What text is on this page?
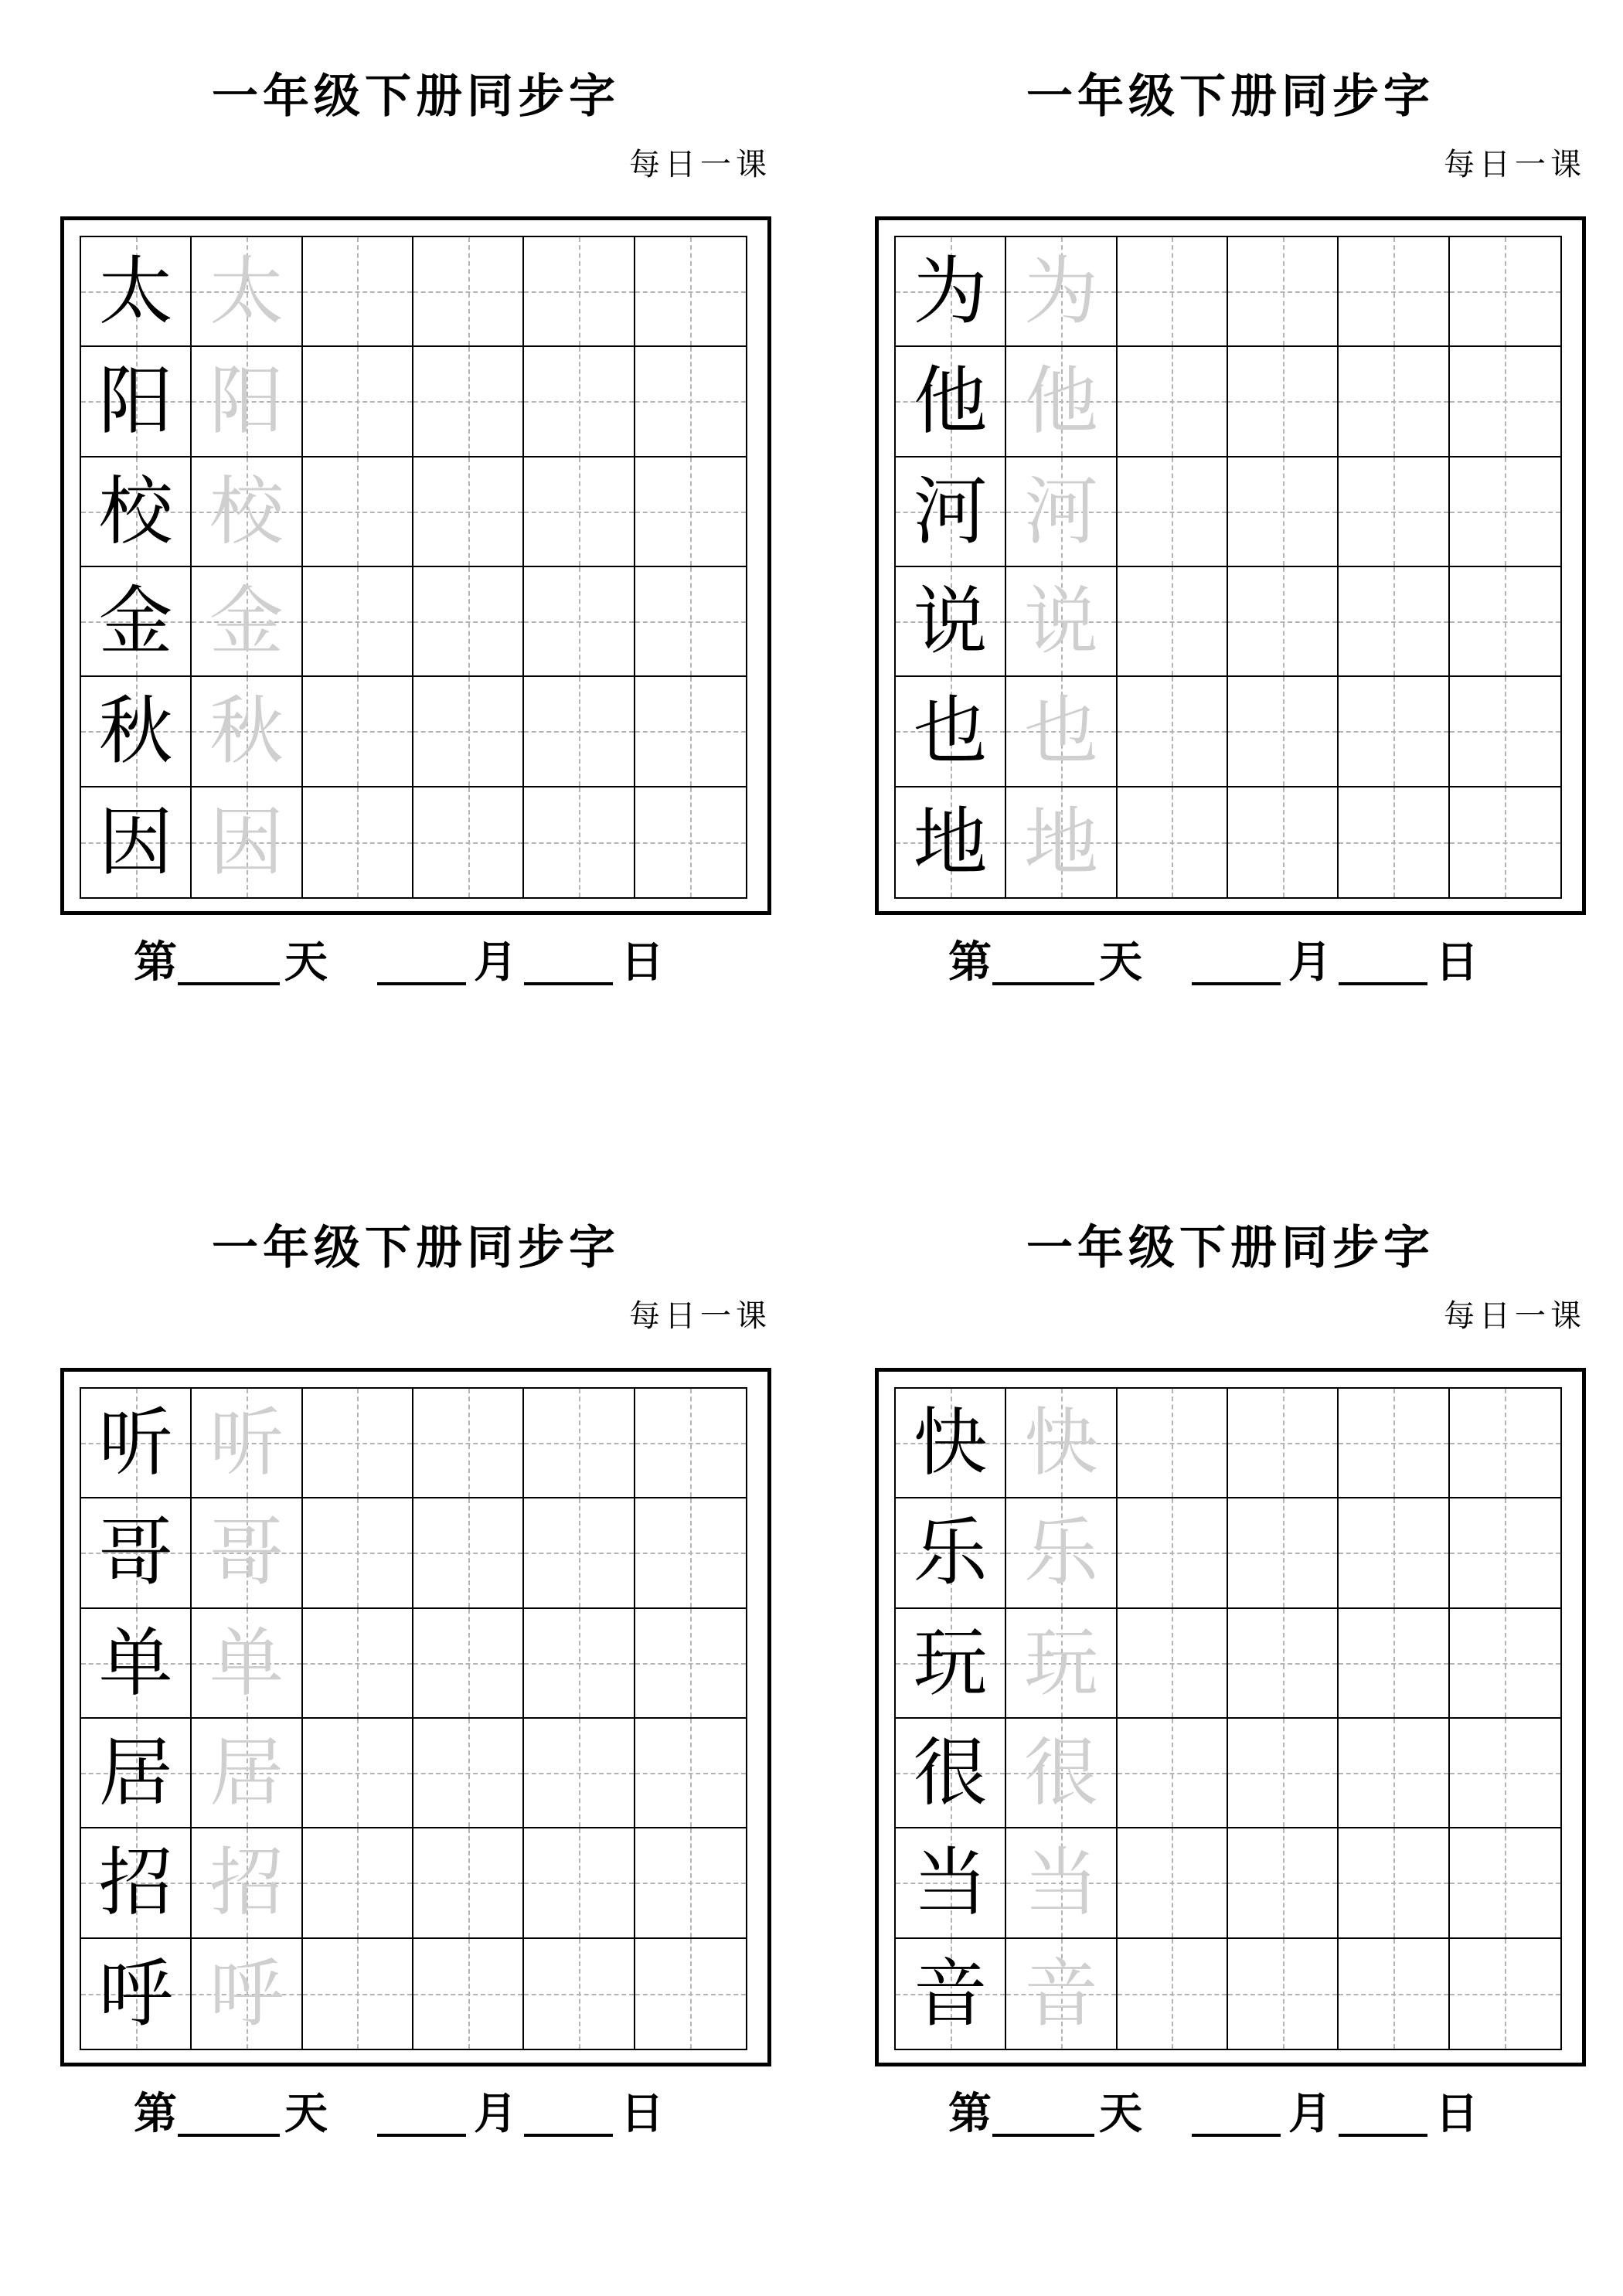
一年级下册同步字
每日一课
太 太
阳 阳
校 校
金 金
秋 秋
因 因
第 天	月 日
一年级下册同步字
每日一课
为 为
他 他
河 河
说 说
也 也
地 地
第 天	月 日
一年级下册同步字
每日一课
听 听
哥 哥
单 单
居 居
招 招
呼 呼
第 天	月 日
一年级下册同步字
每日一课
快 快
乐 乐
玩 玩
很 很
当 当
音 音
第 天	月 日
